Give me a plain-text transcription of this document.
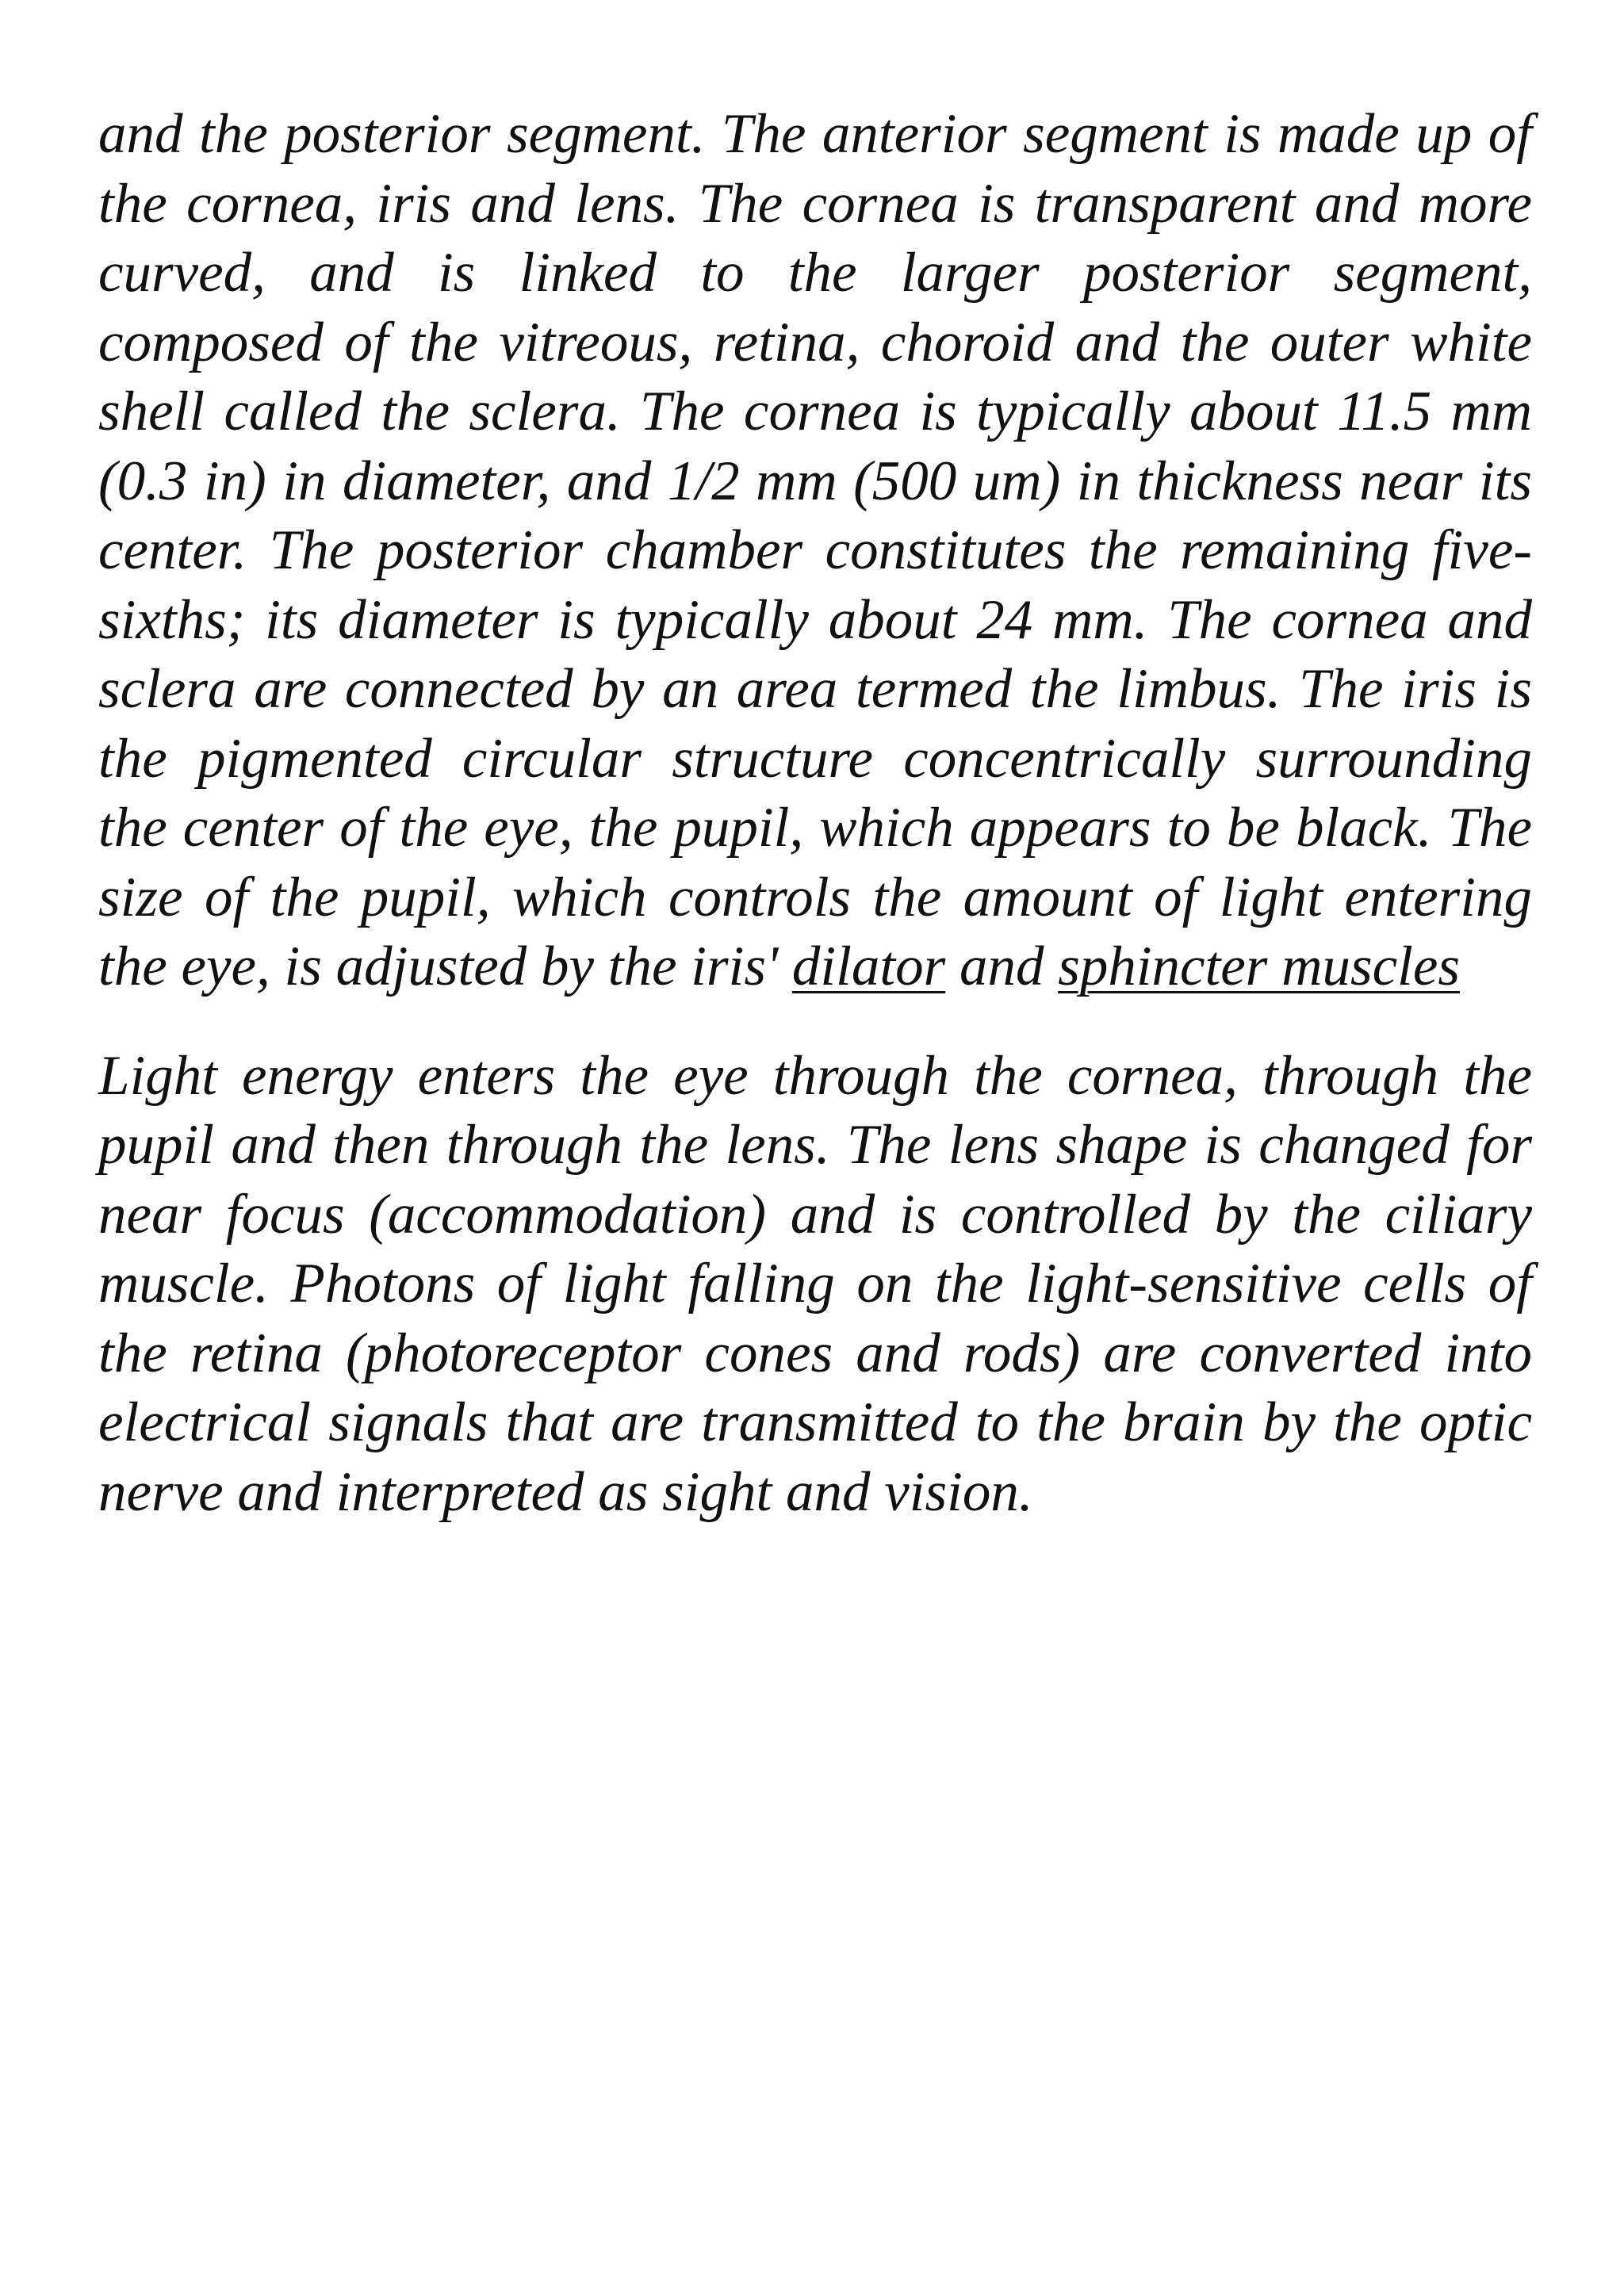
and the posterior segment. The anterior segment is made up of the cornea, iris and lens. The cornea is transparent and more curved, and is linked to the larger posterior segment, composed of the vitreous, retina, choroid and the outer white shell called the sclera. The cornea is typically about 11.5 mm (0.3 in) in diameter, and 1/2 mm (500 um) in thickness near its center. The posterior chamber constitutes the remaining five-sixths; its diameter is typically about 24 mm. The cornea and sclera are connected by an area termed the limbus. The iris is the pigmented circular structure concentrically surrounding the center of the eye, the pupil, which appears to be black. The size of the pupil, which controls the amount of light entering the eye, is adjusted by the iris' dilator and sphincter muscles

Light energy enters the eye through the cornea, through the pupil and then through the lens. The lens shape is changed for near focus (accommodation) and is controlled by the ciliary muscle. Photons of light falling on the light-sensitive cells of the retina (photoreceptor cones and rods) are converted into electrical signals that are transmitted to the brain by the optic nerve and interpreted as sight and vision.
